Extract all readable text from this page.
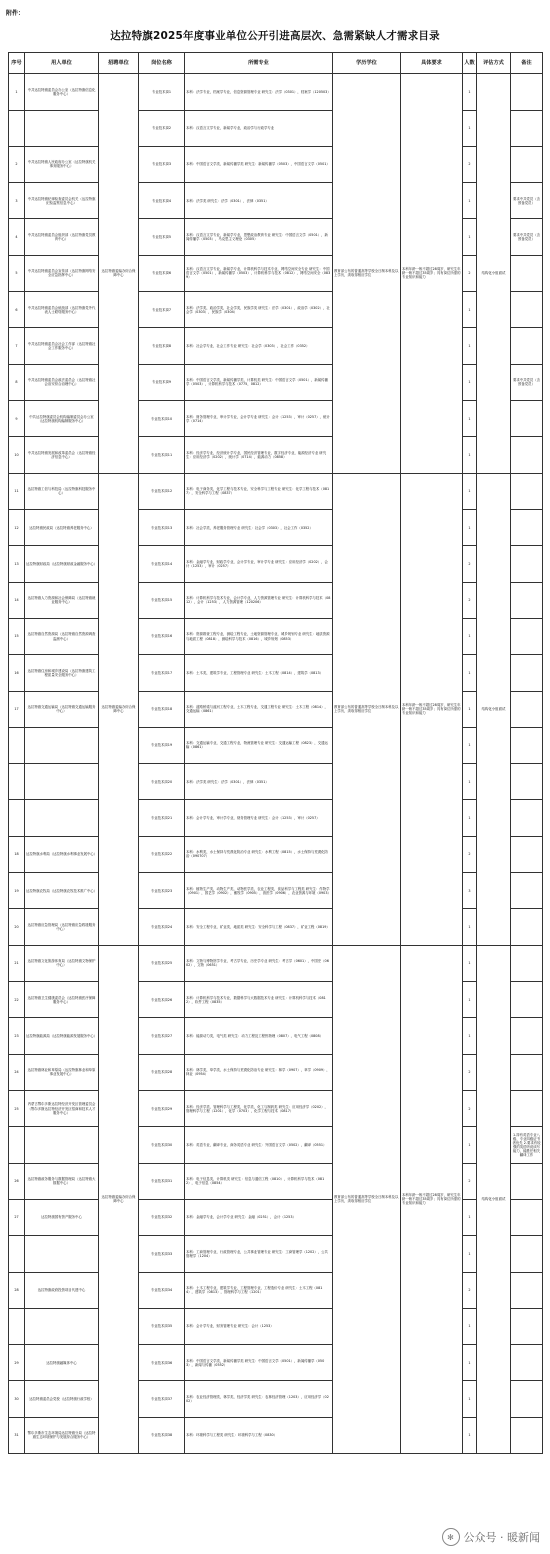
附件：
达拉特旗2025年度事业单位公开引进高层次、急需紧缺人才需求目录
序号	用人单位	招聘单位	岗位名称	所需专业	学历学位	具体要求	人数	评估方式	备注
1	中共达拉特旗委员会办公室（达拉特旗信息化服务中心）	达拉特旗委编办综合保障中心	专业技术岗1	本科：法学专业，档案学专业，信息资源管理专业 研究生：法学（0301），档案学（120503）	教育部公布的普通高等学校全日制本科及以上学历，须取得相应学位	本科年龄一般不超过28周岁，研究生年龄一般不超过35周岁；具有岗位所需的专业知识和能力	1	结构化小组面试	
			专业技术岗2	本科：汉语言文学专业，新闻学专业，政治学与行政学专业			1		
2	中共达拉特旗人民政府办公室（达拉特旗机关事务服务中心）		专业技术岗3	本科：中国语言文学类，新闻传播学类 研究生：新闻传播学（0503），中国语言文学（0501）			2		
3	中共达拉特旗纪律检查委员会机关（达拉特旗纪检监察信息中心）		专业技术岗4	本科：法学类 研究生：法学（0301），法律（0351）			1		要求中共党员（含预备党员）
4	中共达拉特旗委员会组织部（达拉特旗党员教育中心）		专业技术岗5	本科：汉语言文学专业，新闻学专业，思想政治教育专业 研究生：中国语言文学（0501），新闻传播学（0503），马克思主义理论（0305）			1		要求中共党员（含预备党员）
5	中共达拉特旗委员会宣传部（达拉特旗网络安全应急指挥中心）		专业技术岗6	本科：汉语言文学专业，新闻学专业，计算机科学与技术专业，网络空间安全专业 研究生：中国语言文学（0501），新闻传播学（0503），计算机科学与技术（0812），网络空间安全（0839）			2		
6	中共达拉特旗委员会统战部（达拉特旗党外代表人士联络服务中心）		专业技术岗7	本科：法学类，政治学类，社会学类，民族学类 研究生：法学（0301），政治学（0302），社会学（0303），民族学（0304）			1		
7	中共达拉特旗委员会社会工作部（达拉特旗社会工作服务中心）		专业技术岗8	本科：社会学专业，社会工作专业 研究生：社会学（0303），社会工作（0352）			1		
8	中共达拉特旗委员会政法委员会（达拉特旗社会治安综合治理中心）		专业技术岗9	本科：中国语言文学类，新闻传播学类，计算机类 研究生：中国语言文学（0501），新闻传播学（0503），计算机科学与技术（0775，0812）			1		要求中共党员（含预备党员）
9	中共达拉特旗委员会机构编制委员会办公室（达拉特旗机构编制服务中心）		专业技术岗10	本科：财务管理专业，审计学专业，会计学专业 研究生：会计（1253），审计（0257），统计学（0714）			1		
10	中共达拉特旗发展和改革委员会（达拉特旗经济信息中心）		专业技术岗11	本科：经济学专业，经济统计学专业，国民经济管理专业，数字经济专业，能源经济专业 研究生：应用经济学（0202），统计学（0714），能源动力（0858）			1		
11	达拉特旗工信与科技局（达拉特旗科技服务中心）	达拉特旗委编办综合保障中心	专业技术岗12	本科：电子商务类，化学工程与技术专业，安全科学与工程专业 研究生：化学工程与技术（0817），安全科学与工程（0837）	教育部公布的普通高等学校全日制本科及以上学历，须取得相应学位	本科年龄一般不超过28周岁，研究生年龄一般不超过35周岁；具有岗位所需的专业知识和能力	1	结构化小组面试	
12	达拉特旗民政局（达拉特旗养老服务中心）		专业技术岗13	本科：社会学类，养老服务管理专业 研究生：社会学（0303），社会工作（0352）			1		
13	达拉特旗财政局（达拉特旗财政金融服务中心）		专业技术岗14	本科：金融学专业，财政学专业，会计学专业，审计学专业 研究生：应用经济学（0202），会计（1253），审计（0257）			2		
14	达拉特旗人力资源和社会保障局（达拉特旗就业服务中心）		专业技术岗15	本科：计算机科学与技术专业，会计学专业，人力资源管理专业 研究生：计算机科学与技术（0812），会计（1253），人力资源管理（120206）			2		
15	达拉特旗自然资源局（达拉特旗自然资源调查监测中心）		专业技术岗16	本科：资源勘查工程专业，测绘工程专业，土地资源管理专业，城乡规划专业 研究生：地质资源与地质工程（0818），测绘科学与技术（0816），城乡规划（0853）			1		
16	达拉特旗住房和城乡建设局（达拉特旗建筑工程质量安全服务中心）		专业技术岗17	本科：土木类，建筑学专业，工程管理专业 研究生：土木工程（0814），建筑学（0813）			1		
17	达拉特旗交通运输局（达拉特旗交通运输服务中心）		专业技术岗18	本科：道路桥梁与渡河工程专业，土木工程专业，交通工程专业 研究生：土木工程（0814），交通运输（0861）			1		
			专业技术岗19	本科：交通运输专业，交通工程专业，物流管理专业 研究生：交通运输工程（0823），交通运输（0861）			1		
			专业技术岗20	本科：法学类 研究生：法学（0301），法律（0351）			1		
			专业技术岗21	本科：会计学专业，审计学专业，财务管理专业 研究生：会计（1253），审计（0257）			1		
18	达拉特旗水利局（达拉特旗水利事业发展中心）		专业技术岗22	本科：水利类，水土保持与荒漠化防治专业 研究生：水利工程（0815），水土保持与荒漠化防治（090707）			2		
19	达拉特旗农牧局（达拉特旗农牧技术推广中心）		专业技术岗23	本科：植物生产类，动物生产类，动物医学类，农业工程类，食品科学与工程类 研究生：作物学（0901），园艺学（0902），畜牧学（0905），兽医学（0906），农业资源与环境（0903）			3		
20	达拉特旗应急管理局（达拉特旗应急救援服务中心）		专业技术岗24	本科：安全工程专业，矿业类，地质类 研究生：安全科学与工程（0837），矿业工程（0819）			1		
21	达拉特旗文化旅游体育局（达拉特旗文物保护中心）	达拉特旗委编办综合保障中心	专业技术岗25	本科：文物与博物馆学专业，考古学专业，历史学专业 研究生：考古学（0601），中国史（0602），文物（0651）	教育部公布的普通高等学校全日制本科及以上学历，须取得相应学位	本科年龄一般不超过28周岁，研究生年龄一般不超过35周岁；具有岗位所需的专业知识和能力	1	结构化小组面试	
22	达拉特旗卫生健康委员会（达拉特旗医疗保障服务中心）		专业技术岗26	本科：计算机科学与技术专业，数据科学与大数据技术专业 研究生：计算机科学与技术（0812），软件工程（0835）			1		
23	达拉特旗能源局（达拉特旗能源发展服务中心）		专业技术岗27	本科：能源动力类，电气类 研究生：动力工程及工程热物理（0807），电气工程（0808）			1		
24	达拉特旗林业和草原局（达拉特旗林业和草原事业发展中心）		专业技术岗28	本科：林学类，草学类，水土保持与荒漠化防治专业 研究生：林学（0907），草学（0909），林业（0954）			2		
25	内蒙古鄂尔多斯达拉特经济开发区管理委员会（鄂尔多斯达拉特经济开发区招商和技术人才服务中心）		专业技术岗29	本科：经济学类，管理科学与工程类，化学类，化工与制药类 研究生：应用经济学（0202），管理科学与工程（1201），化学（0703），化学工程与技术（0817）			2		
			专业技术岗30	本科：英语专业，翻译专业，商务英语专业 研究生：外国语言文学（0502），翻译（0551）			1		1.持有英语专业八级、专业四级证书者优先 2.要求有较强的英语听说读写能力，能胜任相关翻译工作
26	达拉特旗政务服务与数据管理局（达拉特旗大数据中心）		专业技术岗31	本科：电子信息类，计算机类 研究生：信息与通信工程（0810），计算机科学与技术（0812），电子信息（0854）			2		
27	达拉特旗国有资产服务中心		专业技术岗32	本科：金融学专业，会计学专业 研究生：金融（0251），会计（1253）			1		
			专业技术岗33	本科：工商管理专业，行政管理专业，公共事业管理专业 研究生：工商管理学（1202），公共管理学（1204）			1		
28	达拉特旗政府投资项目代建中心		专业技术岗34	本科：土木工程专业，建筑学专业，工程管理专业，工程造价专业 研究生：土木工程（0814），建筑学（0813），管理科学与工程（1201）			2		
			专业技术岗35	本科：会计学专业，财务管理专业 研究生：会计（1253）			1		
29	达拉特旗融媒体中心		专业技术岗36	本科：中国语言文学类，新闻传播学类 研究生：中国语言文学（0501），新闻传播学（0503），新闻与传播（0552）			1		
30	达拉特旗委员会党校（达拉特旗行政学校）		专业技术岗37	本科：农业经济管理类，林学类，经济学类 研究生：农林经济管理（1203），应用经济学（0202）			1		
31	鄂尔多斯市生态环境局达拉特旗分局（达拉特旗生态环境保护与发展综合服务中心）		专业技术岗38	本科：环境科学与工程类 研究生：环境科学与工程（0830）			1		
✻ 公众号 · 暖新闻
